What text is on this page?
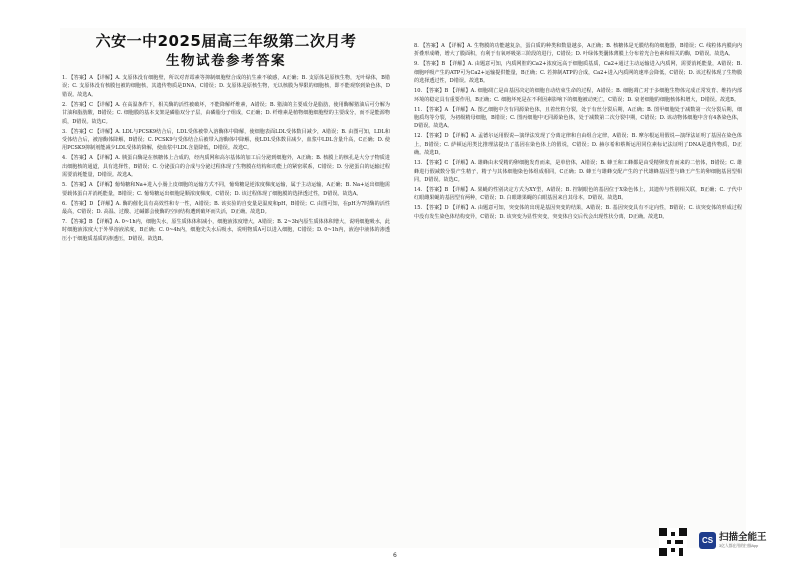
六安一中2025届高三年级第二次月考
生物试卷参考答案

1. 【答案】A 【详解】A. 支原体没有细胞壁，所以对青霉素等抑制细胞壁合成的抗生素不敏感，A正确；B. 支原体是原核生物，无叶绿体，B错误；C. 支原体没有核膜包被的细胞核，其遗传物质是DNA，C错误；D. 支原体是原核生物，无以核膜为界限的细胞核，即不能观察到染色体，D错误。故选A。

2. 【答案】C 【详解】A. 在高温条件下，相关酶的活性被破坏，不能降解纤维素，A错误；B. 猪油的主要成分是脂肪，使用酶解猪油后可分解为甘油和脂肪酸，B错误；C. 细胞膜的基本支架是磷脂双分子层，由磷脂分子组成，C正确；D. 纤维素是植物细胞细胞壁的主要成分，而不是能源物质，D错误。故选C。

3. 【答案】C 【详解】A. LDL与PCSK9结合后，LDL受体被带入溶酶体中降解，使细胞表面LDL受体数目减少，A错误；B. 由图可知，LDL和受体结合后，被溶酶体降解，B错误；C. PCSK9与受体结合后被带入溶酶体中降解，使LDL受体数目减少，血浆中LDL含量升高，C正确；D. 使用PCSK9抑制剂能减少LDL受体的降解，使血浆中LDL含量降低，D错误。故选C。

4. 【答案】A 【详解】A. 胰蛋白酶是在核糖体上合成的，经内质网和高尔基体的加工后分泌到细胞外，A正确；B. 核膜上的核孔是大分子物质进出细胞核的通道，具有选择性，B错误；C. 分泌蛋白的合成与分泌过程体现了生物膜在结构和功能上的紧密联系，C错误；D. 分泌蛋白的运输过程需要消耗能量，D错误。故选A。

5. 【答案】A 【详解】葡萄糖和Na+进入小肠上皮细胞的运输方式不同，葡萄糖是逆浓度梯度运输，属于主动运输，A正确；B. Na+运出细胞需要载体蛋白并消耗能量，B错误；C. 葡萄糖运出细胞是顺浓度梯度，C错误；D. 该过程体现了细胞膜的选择透过性，D错误。故选A。

6. 【答案】D 【详解】A. 酶的催化具有高效性和专一性，A错误；B. 该实验的自变量是温度和pH，B错误；C. 由图可知，在pH为7时酶的活性最高，C错误；D. 高温、过酸、过碱都会使酶的空间结构遭到破坏而失活，D正确。故选D。

7. 【答案】B 【详解】A. 0~1h内，细胞失水，原生质体体积减小，细胞液浓度增大，A错误；B. 2~3h内原生质体体积增大，说明细胞吸水，此时细胞液浓度大于外界溶液浓度，B正确；C. 0~4h内，细胞先失水后吸水，说明物质A可以进入细胞，C错误；D. 0~1h内，液泡中液体的渗透压小于细胞质基质的渗透压，D错误。故选B。

8. 【答案】A 【详解】A. 生物膜的功能越复杂，蛋白质的种类和数量越多，A正确；B. 核糖体是无膜结构的细胞器，B错误；C. 线粒体内膜向内折叠形成嵴，增大了膜面积，有利于有氧呼吸第三阶段的进行，C错误；D. 叶绿体类囊体薄膜上分布着光合色素和相关的酶，D错误。故选A。

9. 【答案】B 【详解】A. 由题意可知，内质网腔的Ca2+浓度远高于细胞质基质，Ca2+通过主动运输进入内质网，需要消耗能量，A错误；B. 细胞呼吸产生的ATP可为Ca2+运输提供能量，B正确；C. 若抑制ATP的合成，Ca2+进入内质网的速率会降低，C错误；D. 该过程体现了生物膜的选择透过性，D错误。故选B。

10. 【答案】B 【详解】A. 细胞凋亡是由基因决定的细胞自动结束生命的过程，A错误；B. 细胞凋亡对于多细胞生物体完成正常发育、维持内部环境的稳定具有重要作用，B正确；C. 细胞坏死是在不利因素影响下的细胞被动死亡，C错误；D. 衰老细胞的细胞核体积增大，D错误。故选B。

11. 【答案】A 【详解】A. 图乙细胞中含有同源染色体，且着丝粒分裂，处于有丝分裂后期，A正确；B. 图甲细胞处于减数第一次分裂后期，细胞质均等分裂，为初级精母细胞，B错误；C. 图丙细胞中无同源染色体，处于减数第二次分裂中期，C错误；D. 该动物体细胞中含有4条染色体，D错误。故选A。

12. 【答案】D 【详解】A. 孟德尔运用假说—演绎法发现了分离定律和自由组合定律，A错误；B. 摩尔根运用假说—演绎法证明了基因在染色体上，B错误；C. 萨顿运用类比推理法提出了基因在染色体上的假说，C错误；D. 赫尔希和蔡斯运用同位素标记法证明了DNA是遗传物质，D正确。故选D。

13. 【答案】C 【详解】A. 雄蜂由未受精的卵细胞发育而来，是单倍体，A错误；B. 蜂王和工蜂都是由受精卵发育而来的二倍体，B错误；C. 雄蜂进行假减数分裂产生精子，精子与其体细胞染色体组成相同，C正确；D. 蜂王与雄蜂交配产生的子代雄蜂基因型与蜂王产生的卵细胞基因型相同，D错误。故选C。

14. 【答案】B 【详解】A. 果蝇的性别决定方式为XY型，A错误；B. 控制眼色的基因位于X染色体上，其遗传与性别相关联，B正确；C. 子代中红眼雌果蝇的基因型有两种，C错误；D. 白眼雄果蝇的白眼基因来自其母本，D错误。故选B。

15. 【答案】D 【详解】A. 由题意可知，突变体的出现是基因突变的结果，A错误；B. 基因突变具有不定向性，B错误；C. 该突变体的形成过程中没有发生染色体结构变异，C错误；D. 该突变为显性突变，突变体自交后代会出现性状分离，D正确。故选D。

6
CS 扫描全能王
3亿人都在用的扫描App
